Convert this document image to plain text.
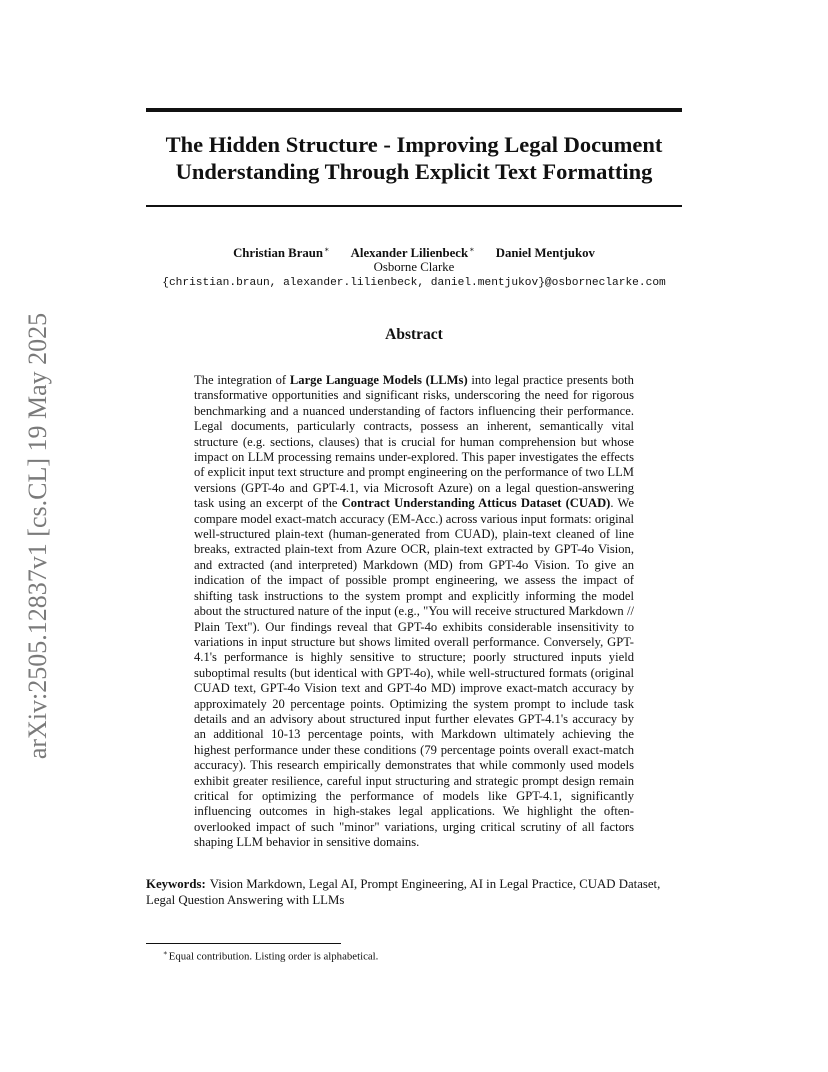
arXiv:2505.12837v1 [cs.CL] 19 May 2025
The Hidden Structure - Improving Legal Document
Understanding Through Explicit Text Formatting
Christian Braun∗ Alexander Lilienbeck∗ Daniel Mentjukov
Osborne Clarke
{christian.braun, alexander.lilienbeck, daniel.mentjukov}@osborneclarke.com
Abstract

The integration of Large Language Models (LLMs) into legal practice presents both transformative opportunities and significant risks, underscoring the need for rigorous benchmarking and a nuanced understanding of factors influencing their performance. Legal documents, particularly contracts, possess an inherent, semantically vital structure (e.g. sections, clauses) that is crucial for human comprehension but whose impact on LLM processing remains under-explored. This paper investigates the effects of explicit input text structure and prompt engineering on the performance of two LLM versions (GPT-4o and GPT-4.1, via Microsoft Azure) on a legal question-answering task using an excerpt of the Contract Understanding Atticus Dataset (CUAD). We compare model exact-match accuracy (EM-Acc.) across various input formats: original well-structured plain-text (human-generated from CUAD), plain-text cleaned of line breaks, extracted plain-text from Azure OCR, plain-text extracted by GPT-4o Vision, and extracted (and interpreted) Markdown (MD) from GPT-4o Vision. To give an indication of the impact of possible prompt engineering, we assess the impact of shifting task instructions to the system prompt and explicitly informing the model about the structured nature of the input (e.g., "You will receive structured Markdown // Plain Text"). Our findings reveal that GPT-4o exhibits considerable insensitivity to variations in input structure but shows limited overall performance. Conversely, GPT-4.1's performance is highly sensitive to structure; poorly structured inputs yield suboptimal results (but identical with GPT-4o), while well-structured formats (original CUAD text, GPT-4o Vision text and GPT-4o MD) improve exact-match accuracy by approximately 20 percentage points. Optimizing the system prompt to include task details and an advisory about structured input further elevates GPT-4.1's accuracy by an additional 10-13 percentage points, with Markdown ultimately achieving the highest performance under these conditions (79 percentage points overall exact-match accuracy). This research empirically demonstrates that while commonly used models exhibit greater resilience, careful input structuring and strategic prompt design remain critical for optimizing the performance of models like GPT-4.1, significantly influencing outcomes in high-stakes legal applications. We highlight the often-overlooked impact of such "minor" variations, urging critical scrutiny of all factors shaping LLM behavior in sensitive domains.

Keywords: Vision Markdown, Legal AI, Prompt Engineering, AI in Legal Practice, CUAD Dataset, Legal Question Answering with LLMs
∗Equal contribution. Listing order is alphabetical.
